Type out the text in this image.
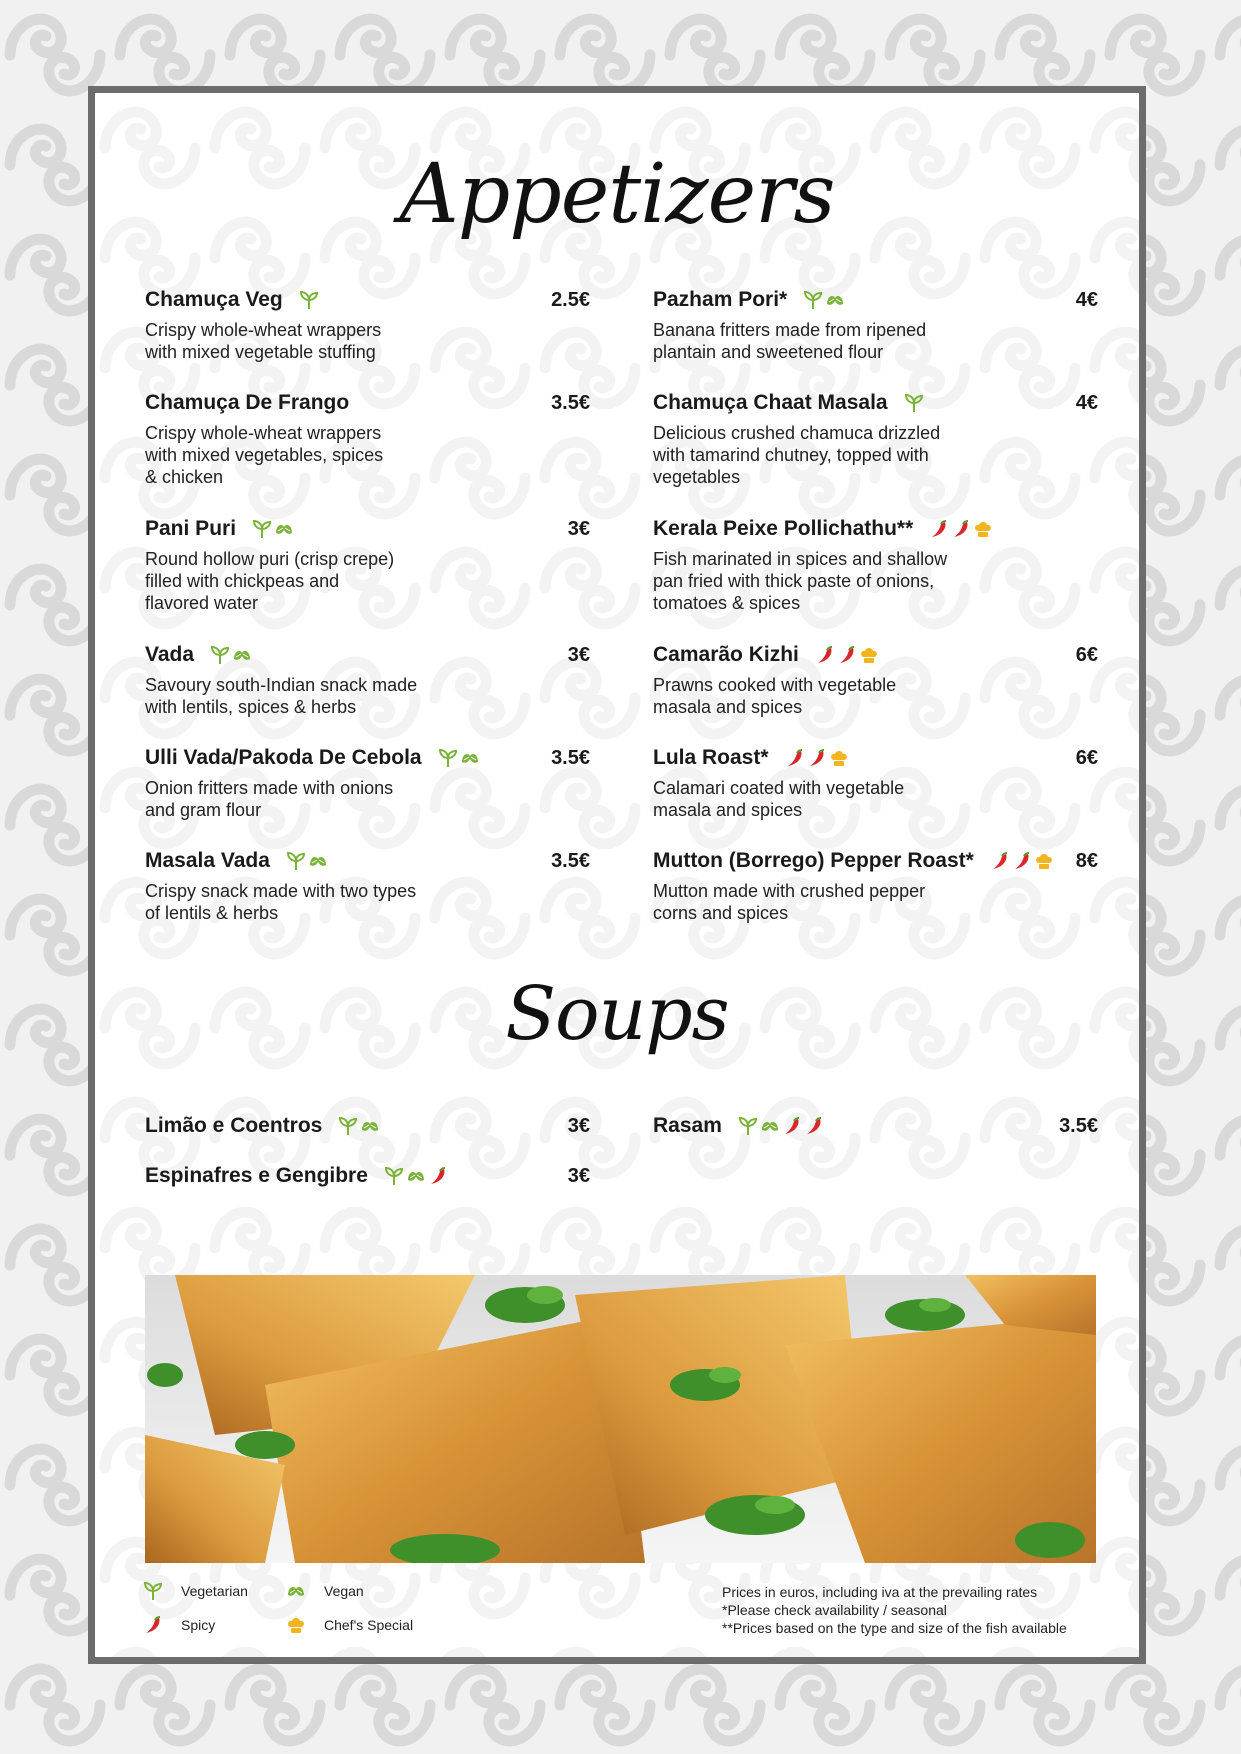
Appetizers
Chamuça Veg	2.5€
Crispy whole-wheat wrappers
with mixed vegetable stuffing
Chamuça De Frango	3.5€
Crispy whole-wheat wrappers
with mixed vegetables, spices
& chicken
Pani Puri	3€
Round hollow puri (crisp crepe)
filled with chickpeas and
flavored water
Vada	3€
Savoury south-Indian snack made
with lentils, spices & herbs
Ulli Vada/Pakoda De Cebola	3.5€
Onion fritters made with onions
and gram flour
Masala Vada	3.5€
Crispy snack made with two types
of lentils & herbs
Pazham Pori*	4€
Banana fritters made from ripened
plantain and sweetened flour
Chamuça Chaat Masala	4€
Delicious crushed chamuca drizzled
with tamarind chutney, topped with
vegetables
Kerala Peixe Pollichathu**
Fish marinated in spices and shallow
pan fried with thick paste of onions,
tomatoes & spices
Camarão Kizhi	6€
Prawns cooked with vegetable
masala and spices
Lula Roast*	6€
Calamari coated with vegetable
masala and spices
Mutton (Borrego) Pepper Roast*	8€
Mutton made with crushed pepper
corns and spices
Soups
Limão e Coentros	3€
Espinafres e Gengibre	3€
Rasam	3.5€
Vegetarian	Vegan
Spicy	Chef's Special
Prices in euros, including iva at the prevailing rates
*Please check availability / seasonal
**Prices based on the type and size of the fish available
